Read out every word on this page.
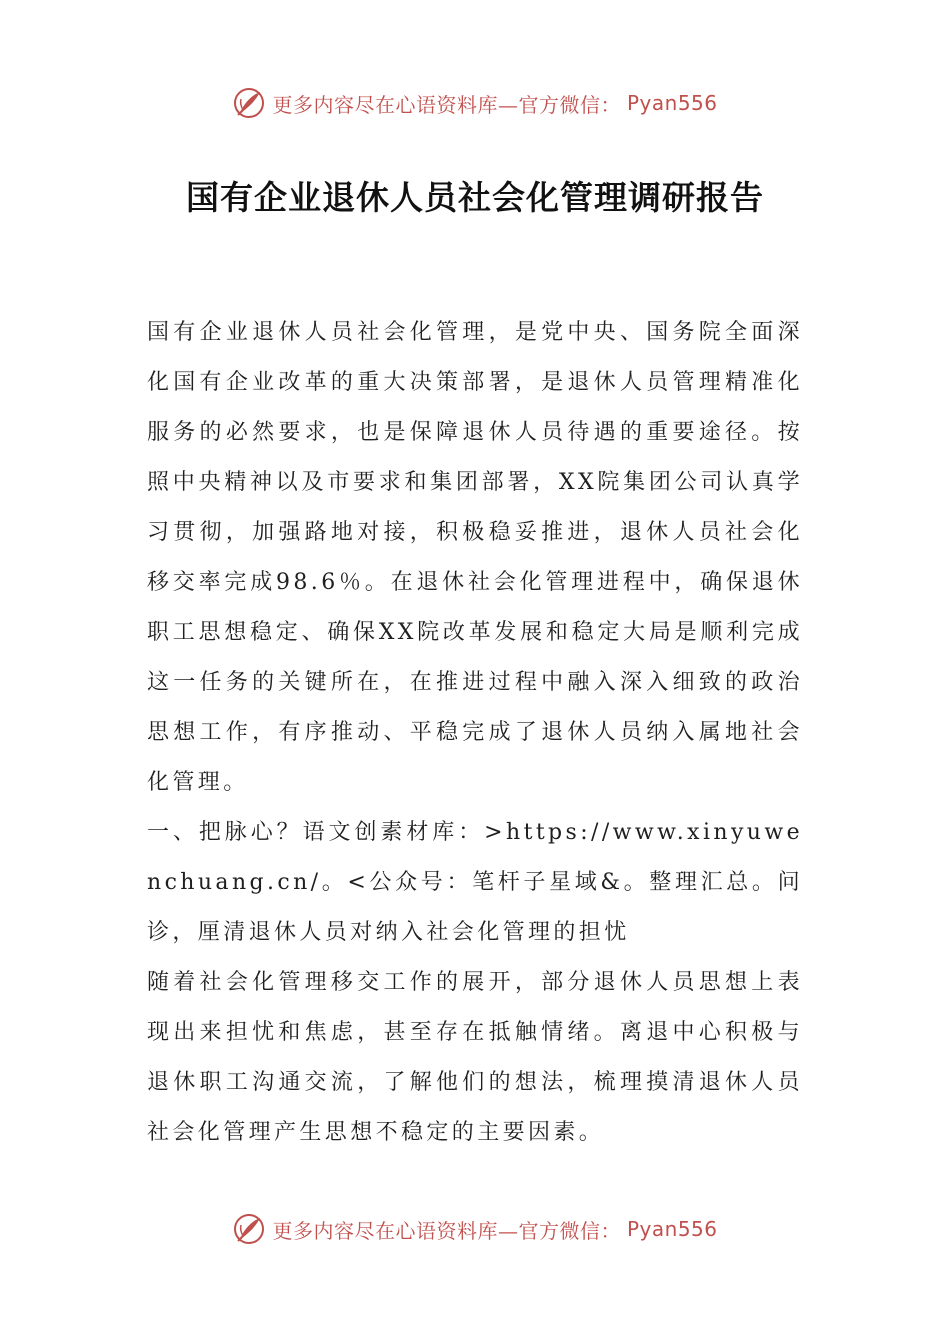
更多内容尽在心语资料库—官方微信： Pyan556
国有企业退休人员社会化管理调研报告

国有企业退休人员社会化管理，是党中央、国务院全面深化国有企业改革的重大决策部署，是退休人员管理精准化服务的必然要求，也是保障退休人员待遇的重要途径。按照中央精神以及市要求和集团部署，XX院集团公司认真学习贯彻，加强路地对接，积极稳妥推进，退休人员社会化移交率完成98.6％。在退休社会化管理进程中，确保退休职工思想稳定、确保XX院改革发展和稳定大局是顺利完成这一任务的关键所在，在推进过程中融入深入细致的政治思想工作，有序推动、平稳完成了退休人员纳入属地社会化管理。

一、把脉心？语文创素材库：>https://www.xinyuwenchuang.cn/。<公众号：笔杆子星域&。整理汇总。问诊，厘清退休人员对纳入社会化管理的担忧

随着社会化管理移交工作的展开，部分退休人员思想上表现出来担忧和焦虑，甚至存在抵触情绪。离退中心积极与退休职工沟通交流，了解他们的想法，梳理摸清退休人员社会化管理产生思想不稳定的主要因素。

更多内容尽在心语资料库—官方微信： Pyan556
